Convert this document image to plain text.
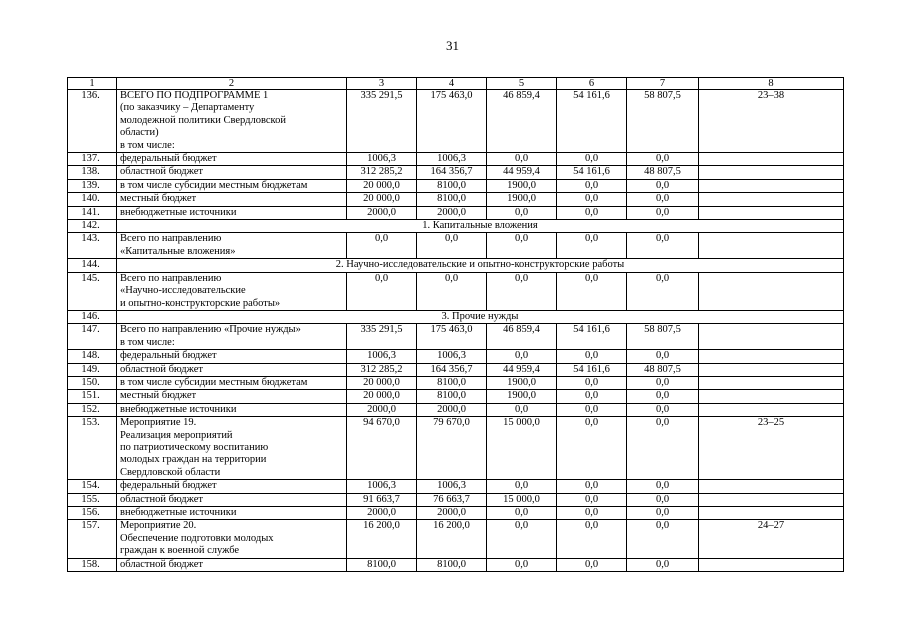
31
1	2	3	4	5	6	7	8

136.	ВСЕГО ПО ПОДПРОГРАММЕ 1
(по заказчику – Департаменту
молодежной политики Свердловской
области)
в том числе:	335 291,5	175 463,0	46 859,4	54 161,6	58 807,5	23–38

137.	федеральный бюджет	1006,3	1006,3	0,0	0,0	0,0	

138.	областной бюджет	312 285,2	164 356,7	44 959,4	54 161,6	48 807,5	

139.	в том числе субсидии местным бюджетам	20 000,0	8100,0	1900,0	0,0	0,0	

140.	местный бюджет	20 000,0	8100,0	1900,0	0,0	0,0	

141.	внебюджетные источники	2000,0	2000,0	0,0	0,0	0,0	

142.	1. Капитальные вложения						

143.	Всего по направлению
«Капитальные вложения»	0,0	0,0	0,0	0,0	0,0	

144.	2. Научно-исследовательские и опытно-конструкторские работы						

145.	Всего по направлению
«Научно-исследовательские
и опытно-конструкторские работы»	0,0	0,0	0,0	0,0	0,0	

146.	3. Прочие нужды						

147.	Всего по направлению «Прочие нужды»
в том числе:	335 291,5	175 463,0	46 859,4	54 161,6	58 807,5	

148.	федеральный бюджет	1006,3	1006,3	0,0	0,0	0,0	

149.	областной бюджет	312 285,2	164 356,7	44 959,4	54 161,6	48 807,5	

150.	в том числе субсидии местным бюджетам	20 000,0	8100,0	1900,0	0,0	0,0	

151.	местный бюджет	20 000,0	8100,0	1900,0	0,0	0,0	

152.	внебюджетные источники	2000,0	2000,0	0,0	0,0	0,0	

153.	Мероприятие 19.
Реализация мероприятий
по патриотическому воспитанию
молодых граждан на территории
Свердловской области	94 670,0	79 670,0	15 000,0	0,0	0,0	23–25

154.	федеральный бюджет	1006,3	1006,3	0,0	0,0	0,0	

155.	областной бюджет	91 663,7	76 663,7	15 000,0	0,0	0,0	

156.	внебюджетные источники	2000,0	2000,0	0,0	0,0	0,0	

157.	Мероприятие 20.
Обеспечение подготовки молодых
граждан к военной службе	16 200,0	16 200,0	0,0	0,0	0,0	24–27

158.	областной бюджет	8100,0	8100,0	0,0	0,0	0,0	
